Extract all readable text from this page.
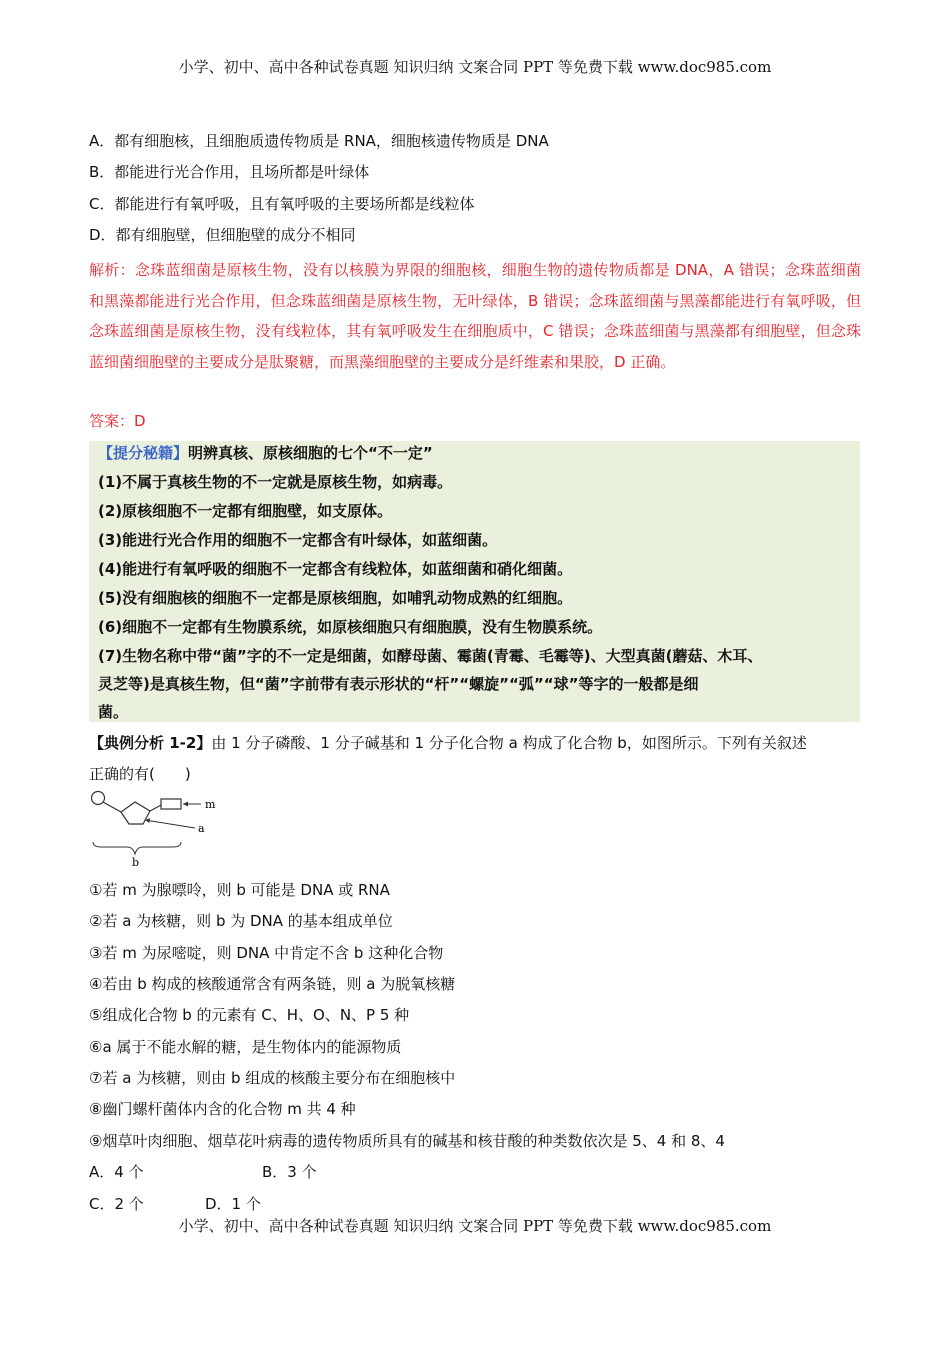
小学、初中、高中各种试卷真题 知识归纳 文案合同 PPT 等免费下载 www.doc985.com
A．都有细胞核，且细胞质遗传物质是 RNA，细胞核遗传物质是 DNA
B．都能进行光合作用，且场所都是叶绿体
C．都能进行有氧呼吸，且有氧呼吸的主要场所都是线粒体
D．都有细胞壁，但细胞壁的成分不相同
解析：念珠蓝细菌是原核生物，没有以核膜为界限的细胞核，细胞生物的遗传物质都是 DNA，A 错误；念珠蓝细菌和黑藻都能进行光合作用，但念珠蓝细菌是原核生物，无叶绿体，B 错误；念珠蓝细菌与黑藻都能进行有氧呼吸，但念珠蓝细菌是原核生物，没有线粒体，其有氧呼吸发生在细胞质中，C 错误；念珠蓝细菌与黑藻都有细胞壁，但念珠蓝细菌细胞壁的主要成分是肽聚糖，而黑藻细胞壁的主要成分是纤维素和果胶，D 正确。
答案：D
【提分秘籍】明辨真核、原核细胞的七个“不一定”
(1)不属于真核生物的不一定就是原核生物，如病毒。
(2)原核细胞不一定都有细胞壁，如支原体。
(3)能进行光合作用的细胞不一定都含有叶绿体，如蓝细菌。
(4)能进行有氧呼吸的细胞不一定都含有线粒体，如蓝细菌和硝化细菌。
(5)没有细胞核的细胞不一定都是原核细胞，如哺乳动物成熟的红细胞。
(6)细胞不一定都有生物膜系统，如原核细胞只有细胞膜，没有生物膜系统。
(7)生物名称中带“菌”字的不一定是细菌，如酵母菌、霉菌(青霉、毛霉等)、大型真菌(蘑菇、木耳、
灵芝等)是真核生物，但“菌”字前带有表示形状的“杆”“螺旋”“弧”“球”等字的一般都是细
菌。
【典例分析 1-2】由 1 分子磷酸、1 分子碱基和 1 分子化合物 a 构成了化合物 b，如图所示。下列有关叙述
正确的有(　　)
m
a
b
①若 m 为腺嘌呤，则 b 可能是 DNA 或 RNA
②若 a 为核糖，则 b 为 DNA 的基本组成单位
③若 m 为尿嘧啶，则 DNA 中肯定不含 b 这种化合物
④若由 b 构成的核酸通常含有两条链，则 a 为脱氧核糖
⑤组成化合物 b 的元素有 C、H、O、N、P 5 种
⑥a 属于不能水解的糖，是生物体内的能源物质
⑦若 a 为核糖，则由 b 组成的核酸主要分布在细胞核中
⑧幽门螺杆菌体内含的化合物 m 共 4 种
⑨烟草叶肉细胞、烟草花叶病毒的遗传物质所具有的碱基和核苷酸的种类数依次是 5、4 和 8、4
A．4 个	B．3 个
C．2 个	D．1 个
小学、初中、高中各种试卷真题 知识归纳 文案合同 PPT 等免费下载 www.doc985.com
